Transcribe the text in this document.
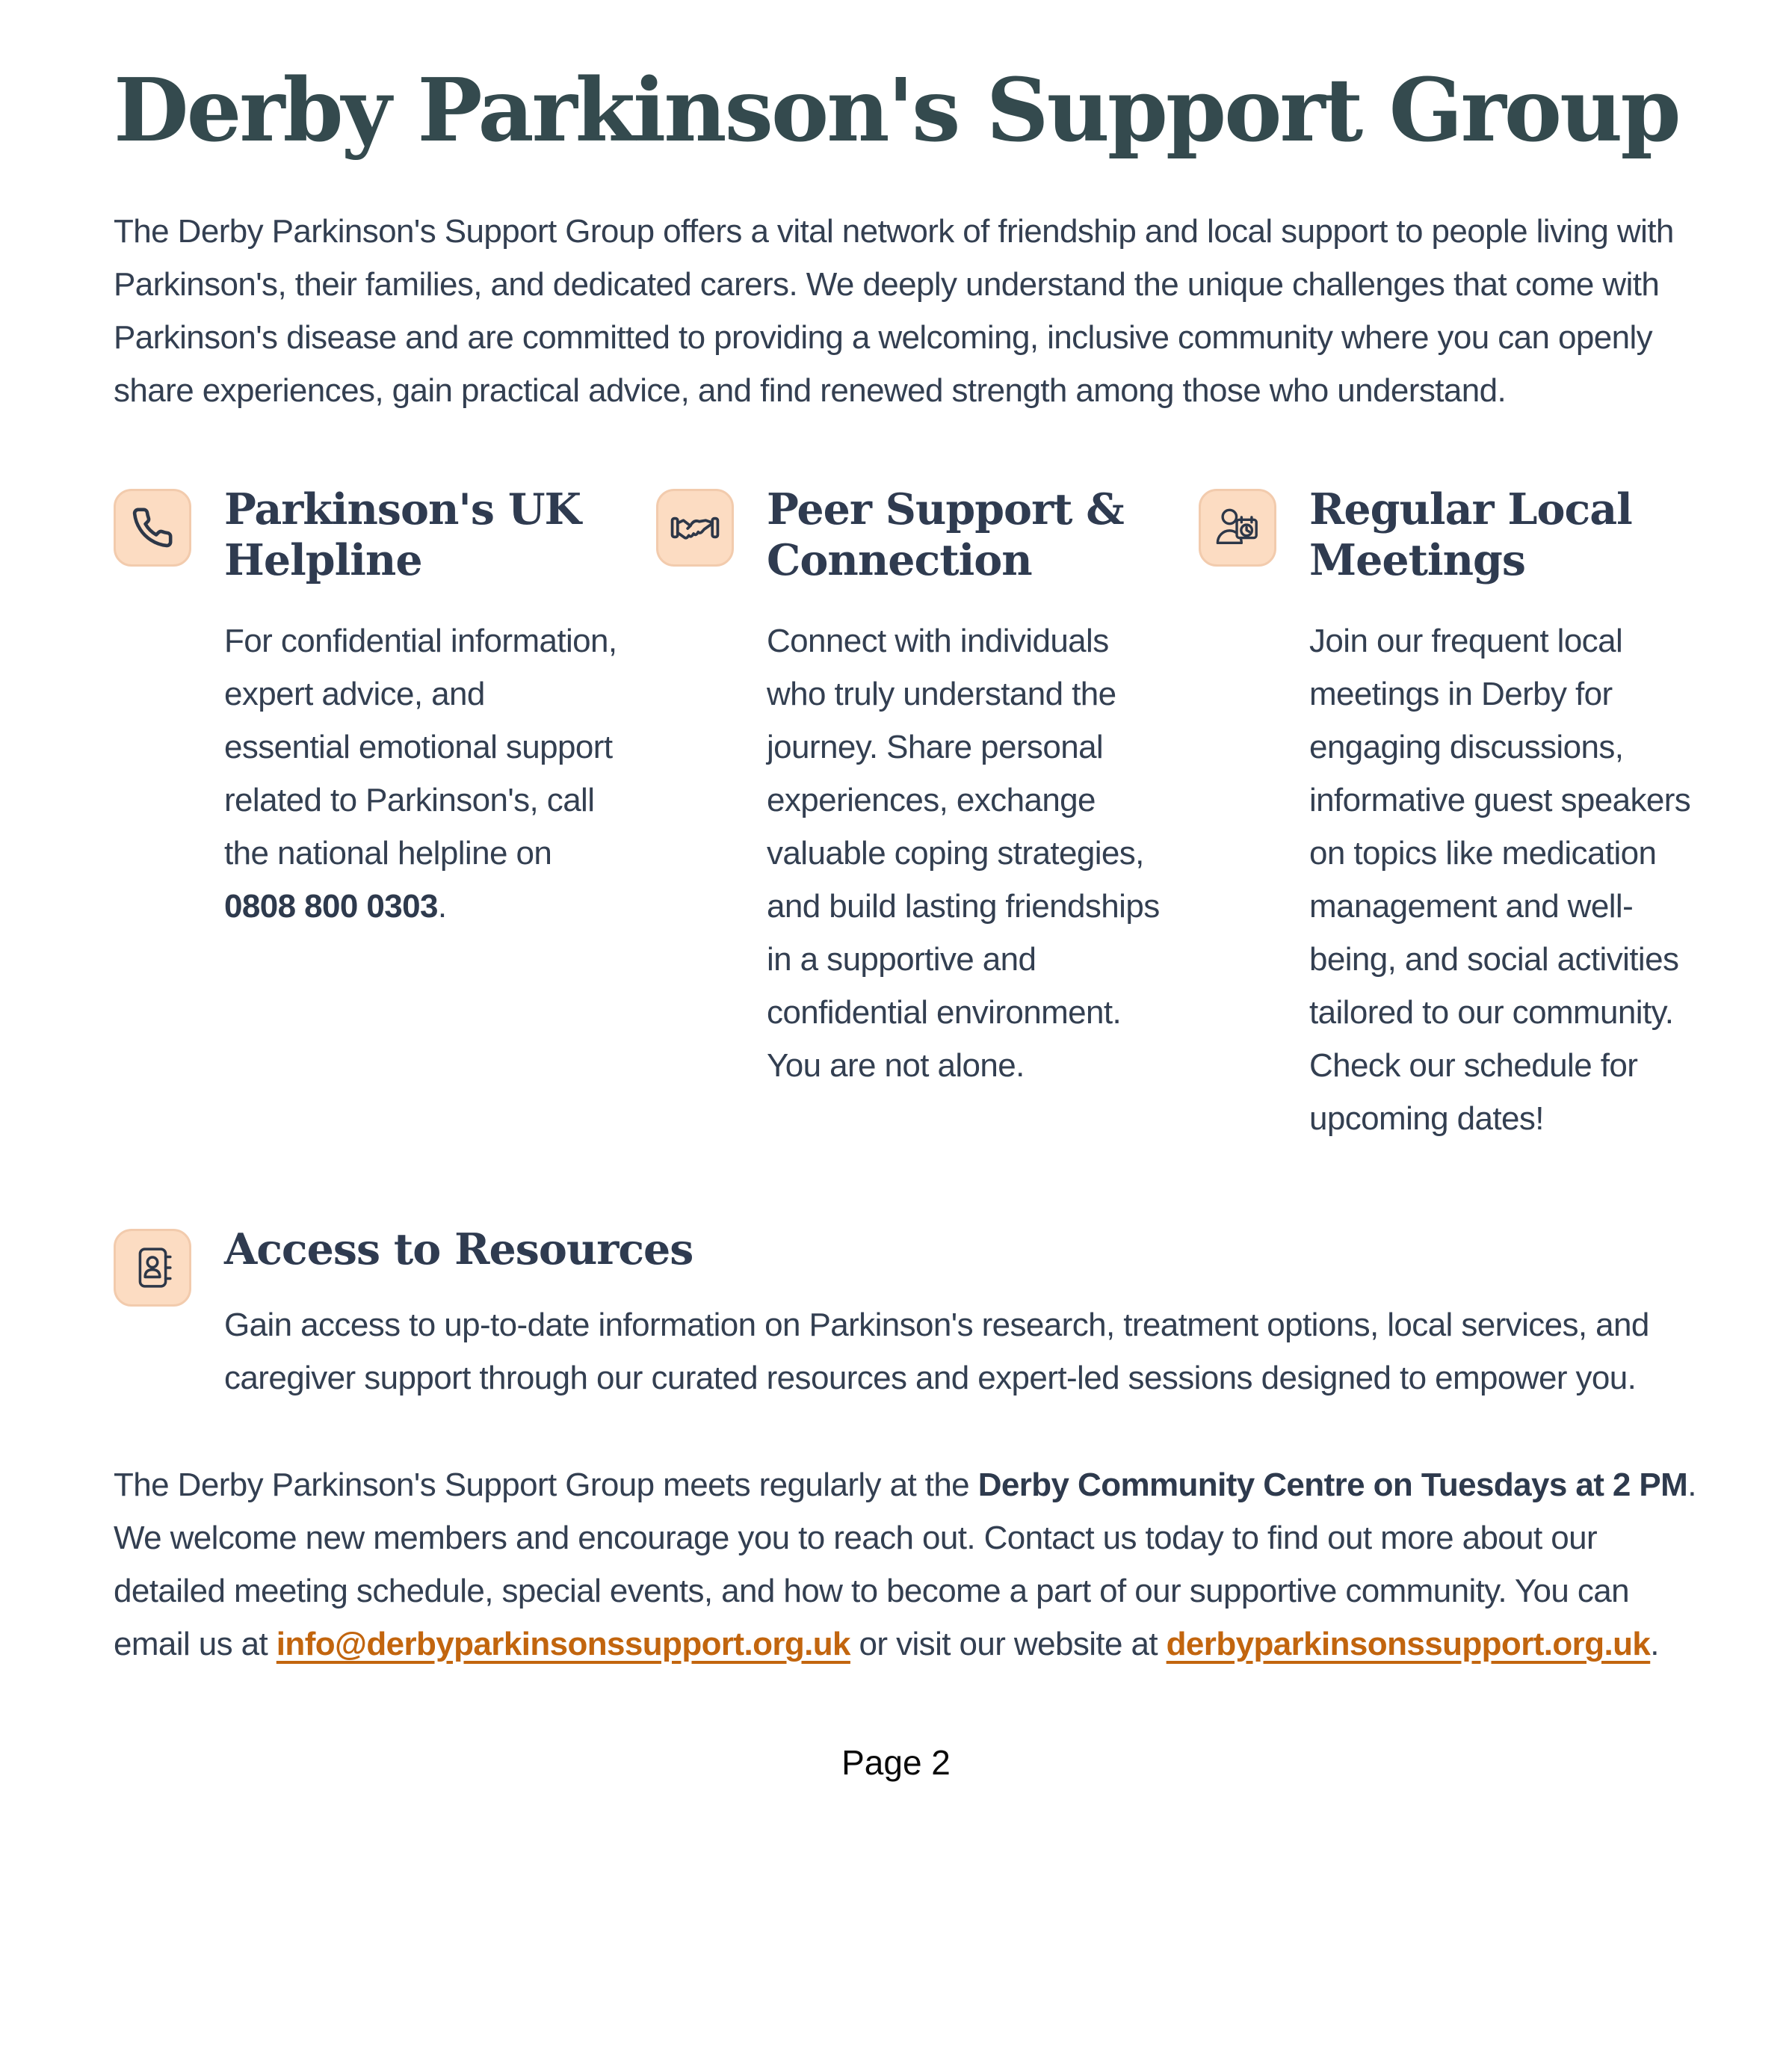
Derby Parkinson's Support Group

The Derby Parkinson's Support Group offers a vital network of friendship and local support to people living with Parkinson's, their families, and dedicated carers. We deeply understand the unique challenges that come with Parkinson's disease and are committed to providing a welcoming, inclusive community where you can openly share experiences, gain practical advice, and find renewed strength among those who understand.

Parkinson's UK Helpline
For confidential information, expert advice, and essential emotional support related to Parkinson's, call the national helpline on 0808 800 0303.
Peer Support & Connection
Connect with individuals who truly understand the journey. Share personal experiences, exchange valuable coping strategies, and build lasting friendships in a supportive and confidential environment. You are not alone.
Regular Local Meetings
Join our frequent local meetings in Derby for engaging discussions, informative guest speakers on topics like medication management and well-being, and social activities tailored to our community. Check our schedule for upcoming dates!
Access to Resources
Gain access to up-to-date information on Parkinson's research, treatment options, local services, and caregiver support through our curated resources and expert-led sessions designed to empower you.

The Derby Parkinson's Support Group meets regularly at the Derby Community Centre on Tuesdays at 2 PM. We welcome new members and encourage you to reach out. Contact us today to find out more about our detailed meeting schedule, special events, and how to become a part of our supportive community. You can email us at info@derbyparkinsonssupport.org.uk or visit our website at derbyparkinsonssupport.org.uk.

Page 2
